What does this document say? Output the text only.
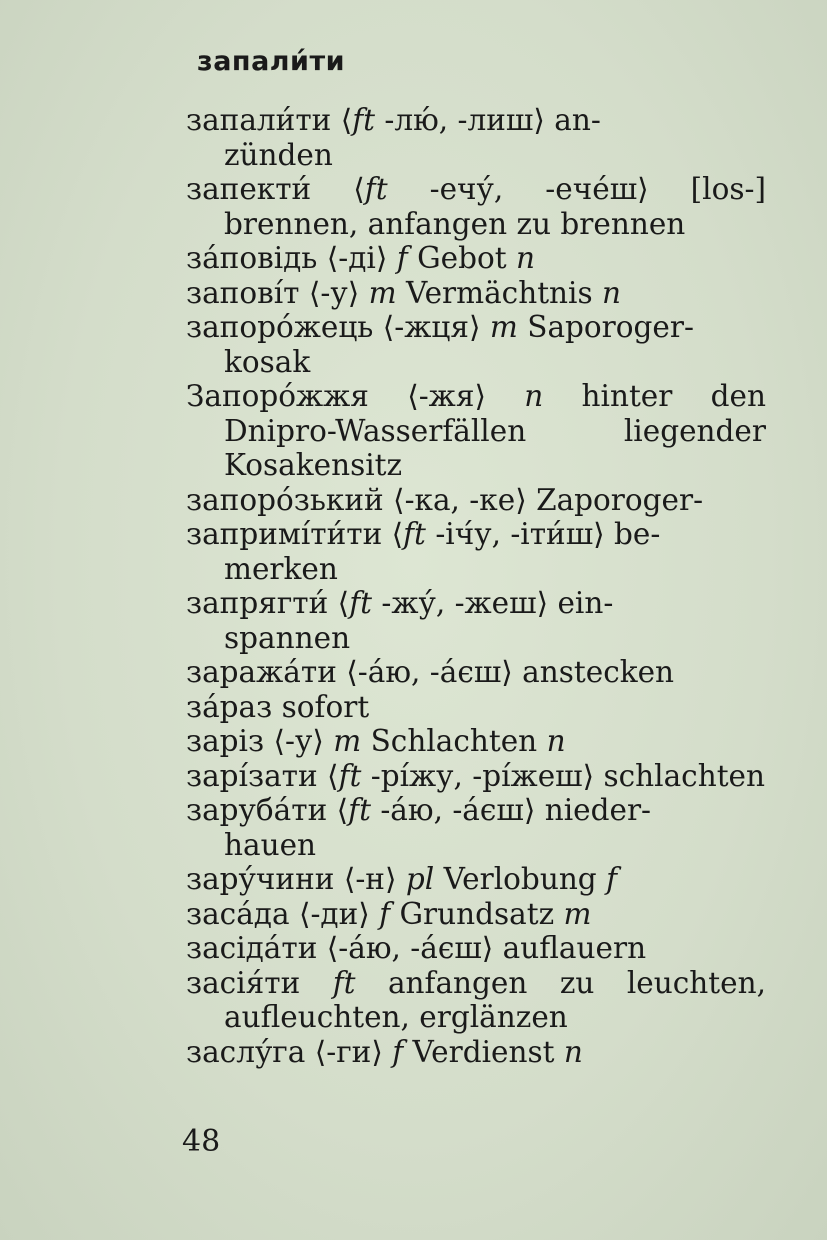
запали́ти

запали́ти ⟨ft -лю́, -лиш⟩ an-
zünden

запекти́ ⟨ft -ечу́, -ече́ш⟩ [los-] brennen, anfangen zu brennen

за́повідь ⟨-ді⟩ f Gebot n

запові́т ⟨-у⟩ m Vermächtnis n

запоро́жець ⟨-жця⟩ m Saporoger-
kosak

Запоро́жжя ⟨-жя⟩ n hinter den Dnipro-Wasserfällen liegender Kosakensitz

запоро́зький ⟨-ка, -ке⟩ Zaporoger-

запримі́ти́ти ⟨ft -іч́у, -іти́ш⟩ be-
merken

запрягти́ ⟨ft -жу́, -жеш⟩ ein-
spannen

заража́ти ⟨-а́ю, -а́єш⟩ anstecken

за́раз sofort

заріз ⟨-у⟩ m Schlachten n

зарі́зати ⟨ft -рі́жу, -рі́жеш⟩ schlachten

заруба́ти ⟨ft -а́ю, -а́єш⟩ nieder-
hauen

зару́чини ⟨-н⟩ pl Verlobung f

заса́да ⟨-ди⟩ f Grundsatz m

засіда́ти ⟨-а́ю, -а́єш⟩ auflauern

засія́ти ft anfangen zu leuchten, aufleuchten, erglänzen

заслу́га ⟨-ги⟩ f Verdienst n

48
